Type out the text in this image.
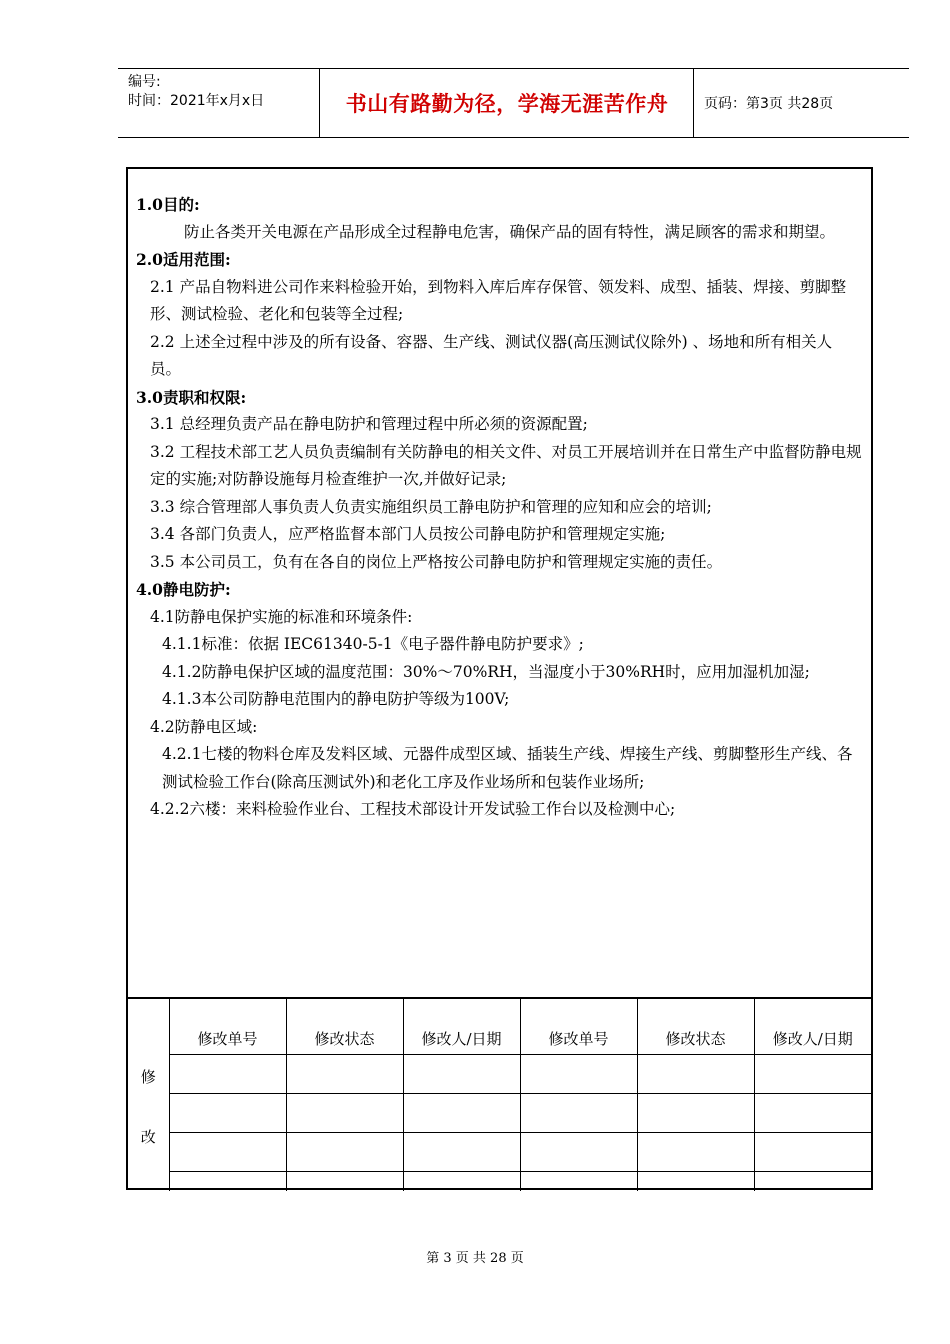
编号:
时间：2021年x月x日	书山有路勤为径，学海无涯苦作舟	页码：第3页 共28页

1.0目的:

防止各类开关电源在产品形成全过程静电危害，确保产品的固有特性，满足顾客的需求和期望。

2.0适用范围:

2.1 产品自物料进公司作来料检验开始，到物料入库后库存保管、领发料、成型、插装、焊接、剪脚整形、测试检验、老化和包装等全过程;

2.2 上述全过程中涉及的所有设备、容器、生产线、测试仪器(高压测试仪除外) 、场地和所有相关人员。

3.0责职和权限:

3.1 总经理负责产品在静电防护和管理过程中所必须的资源配置;

3.2 工程技术部工艺人员负责编制有关防静电的相关文件、对员工开展培训并在日常生产中监督防静电规定的实施;对防静设施每月检查维护一次,并做好记录;

3.3 综合管理部人事负责人负责实施组织员工静电防护和管理的应知和应会的培训;

3.4 各部门负责人，应严格监督本部门人员按公司静电防护和管理规定实施;

3.5 本公司员工，负有在各自的岗位上严格按公司静电防护和管理规定实施的责任。

4.0静电防护:

4.1防静电保护实施的标准和环境条件:

4.1.1标准：依据 IEC61340-5-1《电子器件静电防护要求》;

4.1.2防静电保护区域的温度范围：30%～70%RH，当湿度小于30%RH时，应用加湿机加湿;

4.1.3本公司防静电范围内的静电防护等级为100V;

4.2防静电区域:

4.2.1七楼的物料仓库及发料区域、元器件成型区域、插装生产线、焊接生产线、剪脚整形生产线、各测试检验工作台(除高压测试外)和老化工序及作业场所和包装作业场所;

4.2.2六楼：来料检验作业台、工程技术部设计开发试验工作台以及检测中心;

修
改	修改单号	修改状态	修改人/日期	修改单号	修改状态	修改人/日期

第 3 页 共 28 页
